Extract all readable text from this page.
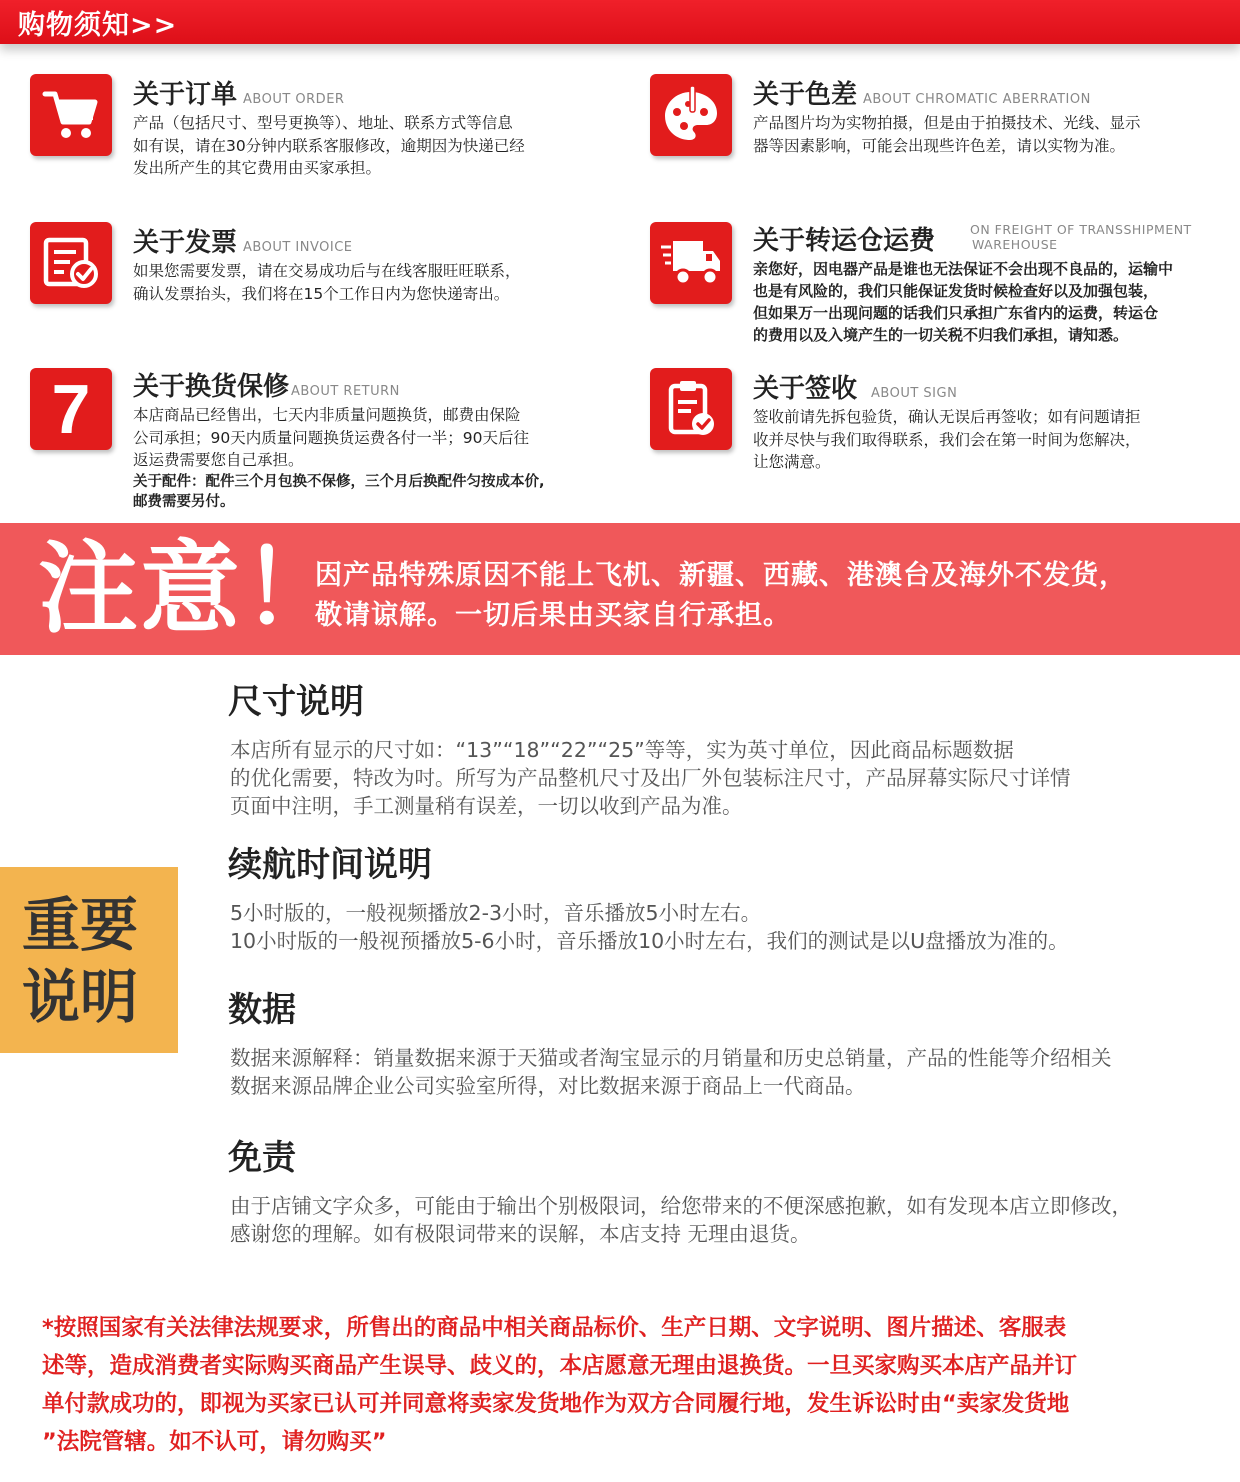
购物须知>>
关于订单 ABOUT ORDER

产品（包括尺寸、型号更换等）、地址、联系方式等信息

如有误，请在30分钟内联系客服修改，逾期因为快递已经

发出所产生的其它费用由买家承担。

关于色差 ABOUT CHROMATIC ABERRATION

产品图片均为实物拍摄，但是由于拍摄技术、光线、显示

器等因素影响，可能会出现些许色差，请以实物为准。

关于发票 ABOUT INVOICE

如果您需要发票，请在交易成功后与在线客服旺旺联系，

确认发票抬头，我们将在15个工作日内为您快递寄出。

关于转运仓运费	ON FREIGHT OF TRANSSHIPMENT
WAREHOUSE

亲您好，因电器产品是谁也无法保证不会出现不良品的，运输中

也是有风险的，我们只能保证发货时候检查好以及加强包装，

但如果万一出现问题的话我们只承担广东省内的运费，转运仓

的费用以及入境产生的一切关税不归我们承担，请知悉。

7 关于换货保修 ABOUT RETURN

本店商品已经售出，七天内非质量问题换货，邮费由保险

公司承担；90天内质量问题换货运费各付一半；90天后往

返运费需要您自己承担。

关于配件：配件三个月包换不保修，三个月后换配件匀按成本价,

邮费需要另付。

关于签收 ABOUT SIGN

签收前请先拆包验货，确认无误后再签收；如有问题请拒

收并尽快与我们取得联系，我们会在第一时间为您解决，

让您满意。

注意！

因产品特殊原因不能上飞机、新疆、西藏、港澳台及海外不发货，

敬请谅解。一切后果由买家自行承担。

重要

说明

尺寸说明

本店所有显示的尺寸如：“13”“18”“22”“25”等等，实为英寸单位，因此商品标题数据

的优化需要，特改为吋。所写为产品整机尺寸及出厂外包装标注尺寸，产品屏幕实际尺寸详情

页面中注明，手工测量稍有误差，一切以收到产品为准。

续航时间说明

5小时版的，一般视频播放2-3小时，音乐播放5小时左右。

10小时版的一般视预播放5-6小时，音乐播放10小时左右，我们的测试是以U盘播放为准的。

数据

数据来源解释：销量数据来源于天猫或者淘宝显示的月销量和历史总销量，产品的性能等介绍相关

数据来源品牌企业公司实验室所得，对比数据来源于商品上一代商品。

免责

由于店铺文字众多，可能由于输出个别极限词，给您带来的不便深感抱歉，如有发现本店立即修改，

感谢您的理解。如有极限词带来的误解，本店支持 无理由退货。

*按照国家有关法律法规要求，所售出的商品中相关商品标价、生产日期、文字说明、图片描述、客服表

述等，造成消费者实际购买商品产生误导、歧义的，本店愿意无理由退换货。一旦买家购买本店产品并订

单付款成功的，即视为买家已认可并同意将卖家发货地作为双方合同履行地，发生诉讼时由“卖家发货地

”法院管辖。如不认可，请勿购买”
